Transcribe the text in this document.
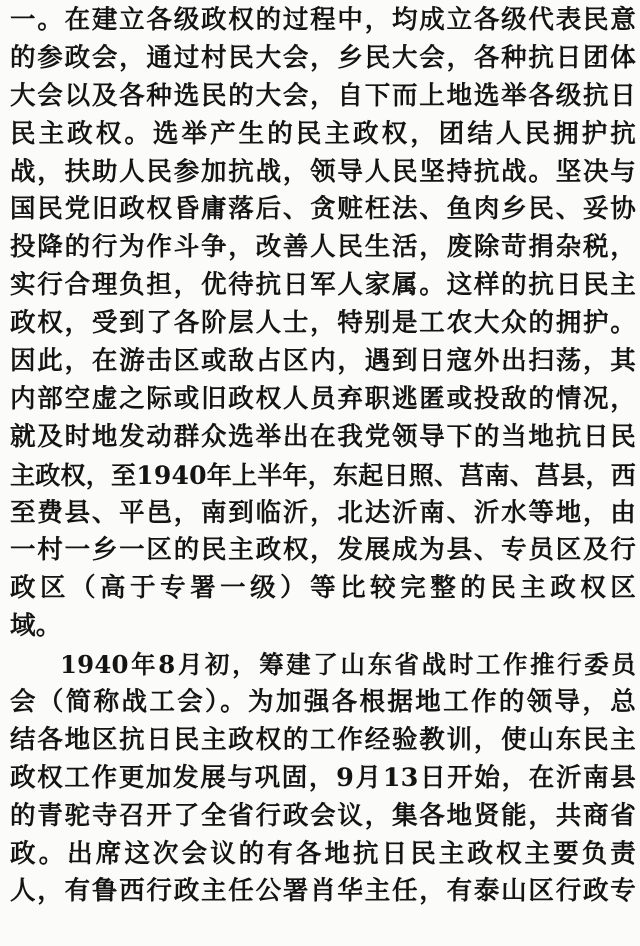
一。在建立各级政权的过程中，均成立各级代表民意
的参政会，通过村民大会，乡民大会，各种抗日团体
大会以及各种选民的大会，自下而上地选举各级抗日
民主政权。选举产生的民主政权，团结人民拥护抗
战，扶助人民参加抗战，领导人民坚持抗战。坚决与
国民党旧政权昏庸落后、贪赃枉法、鱼肉乡民、妥协
投降的行为作斗争，改善人民生活，废除苛捐杂税，
实行合理负担，优待抗日军人家属。这样的抗日民主
政权，受到了各阶层人士，特别是工农大众的拥护。
因此，在游击区或敌占区内，遇到日寇外出扫荡，其
内部空虚之际或旧政权人员弃职逃匿或投敌的情况，
就及时地发动群众选举出在我党领导下的当地抗日民
主政权，至1940年上半年，东起日照、莒南、莒县，西
至费县、平邑，南到临沂，北达沂南、沂水等地，由
一村一乡一区的民主政权，发展成为县、专员区及行
政区（高于专署一级）等比较完整的民主政权区
域。
1940年8月初，筹建了山东省战时工作推行委员
会（简称战工会）。为加强各根据地工作的领导，总
结各地区抗日民主政权的工作经验教训，使山东民主
政权工作更加发展与巩固，9月13日开始，在沂南县
的青驼寺召开了全省行政会议，集各地贤能，共商省
政。出席这次会议的有各地抗日民主政权主要负责
人，有鲁西行政主任公署肖华主任，有泰山区行政专
